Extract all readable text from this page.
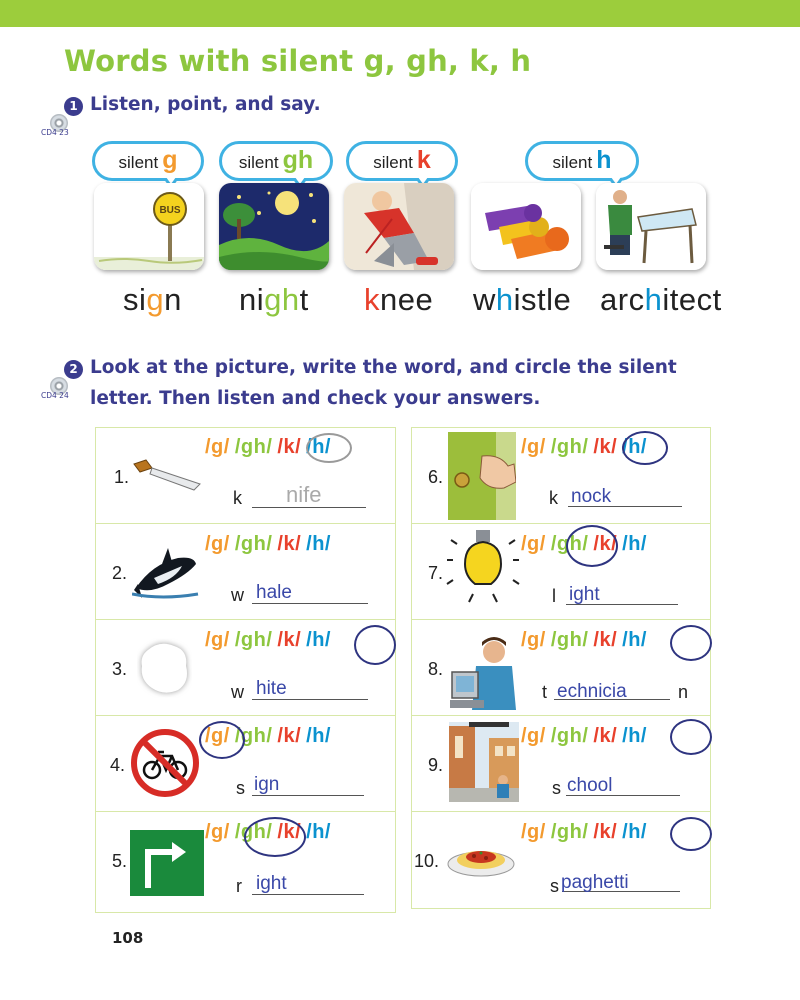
Words with silent g, gh, k, h
1 Listen, point, and say.
CD4 23
silent g	silent gh	silent k	silent h
BUS
sign night knee whistle architect
2 Look at the picture, write the word, and circle the silent
letter. Then listen and check your answers.
CD4 24
1.
/g/ /gh/ /k/ /h/
k nife
2.
/g/ /gh/ /k/ /h/
w hale
3.
/g/ /gh/ /k/ /h/
w hite
4.
/g/ /gh/ /k/ /h/
s ign
5.
/g/ /gh/ /k/ /h/
r ight
6.
/g/ /gh/ /k/ /h/
k nock
7.
/g/ /gh/ /k/ /h/
l ight
8.
/g/ /gh/ /k/ /h/
t echnicia	n
9.
/g/ /gh/ /k/ /h/
s chool
10.
/g/ /gh/ /k/ /h/
s paghetti
108
